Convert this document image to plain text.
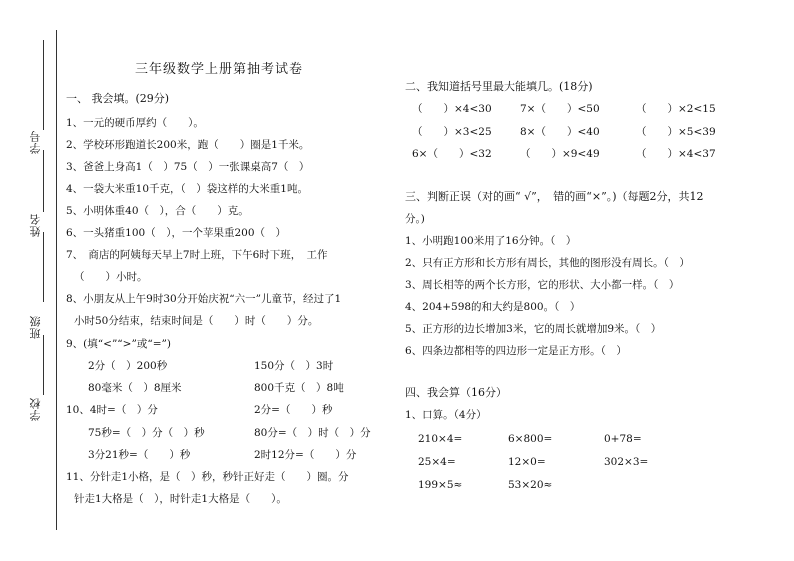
学号
姓名
班级
学校
三年级数学上册第抽考试卷
一、 我会填。(29分)
1、一元的硬币厚约（　　）。
2、学校环形跑道长200米，跑（　　）圈是1千米。
3、爸爸上身高1（　）75（　）一张课桌高7（　）
4、一袋大米重10千克，（　）袋这样的大米重1吨。
5、小明体重40（　），合（　　）克。
6、一头猪重100（　），一个苹果重200（　）
7、　商店的阿姨每天早上7时上班，下午6时下班，　工作
（　　）小时。
8、小朋友从上午9时30分开始庆祝“六一”儿童节，经过了1
小时50分结束，结束时间是（　　）时（　　）分。
9、(填“<”“>”或“=”)
2分（　）200秒	150分（　）3时
80毫米（　）8厘米	800千克（　）8吨
10、4时=（　）分	2分=（　　）秒
75秒=（　）分（　）秒	80分=（　）时（　）分
3分21秒=（　　）秒	2时12分=（　　）分
11、分针走1小格，是（　）秒，秒针正好走（　　）圈。分
针走1大格是（　），时针走1大格是（　　）。
二、我知道括号里最大能填几。(18分)
（　　）×4<30	7×（　　）<50	（　　）×2<15
（　　）×3<25	8×（　　）<40	（　　）×5<39
6×（　　）<32	（　　）×9<49	（　　）×4<37
三、判断正误（对的画“ √”，　错的画“×”。)（每题2分，共12
分。)
1、小明跑100米用了16分钟。（　）
2、只有正方形和长方形有周长，其他的图形没有周长。（　）
3、周长相等的两个长方形，它的形状、大小都一样。（　）
4、204+598的和大约是800。（　）
5、正方形的边长增加3米，它的周长就增加9米。（　）
6、四条边都相等的四边形一定是正方形。（　）
四、我会算（16分）
1、口算。（4分）
210×4=	6×800=	0+78=
25×4=	12×0=	302×3=
199×5≈	53×20≈
